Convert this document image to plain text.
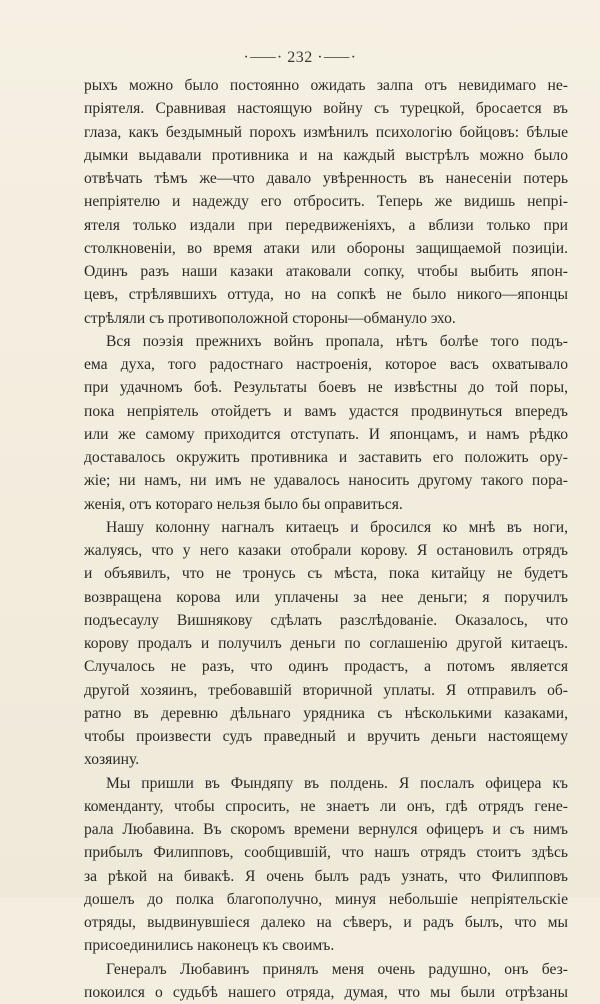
·⸺· 232 ·⸺·
рыхъ можно было постоянно ожидать залпа отъ невидимаго не-
пріятеля. Сравнивая настоящую войну съ турецкой, бросается въ
глаза, какъ бездымный порохъ измѣнилъ психологію бойцовъ: бѣлые
дымки выдавали противника и на каждый выстрѣлъ можно было
отвѣчать тѣмъ же—что давало увѣренность въ нанесеніи потерь
непріятелю и надежду его отбросить. Теперь же видишь непрі-
ятеля только издали при передвиженіяхъ, а вблизи только при
столкновеніи, во время атаки или обороны защищаемой позиціи.
Одинъ разъ наши казаки атаковали сопку, чтобы выбить япон-
цевъ, стрѣлявшихъ оттуда, но на сопкѣ не было никого—японцы
стрѣляли съ противоположной стороны—обмануло эхо.
Вся поэзія прежнихъ войнъ пропала, нѣтъ болѣе того подъ-
ема духа, того радостнаго настроенія, которое васъ охватывало
при удачномъ боѣ. Результаты боевъ не извѣстны до той поры,
пока непріятель отойдетъ и вамъ удастся продвинуться впередъ
или же самому приходится отступать. И японцамъ, и намъ рѣдко
доставалось окружить противника и заставить его положить ору-
жіе; ни намъ, ни имъ не удавалось наносить другому такого пора-
женія, отъ котораго нельзя было бы оправиться.
Нашу колонну нагналъ китаецъ и бросился ко мнѣ въ ноги,
жалуясь, что у него казаки отобрали корову. Я остановилъ отрядъ
и объявилъ, что не тронусь съ мѣста, пока китайцу не будетъ
возвращена корова или уплачены за нее деньги; я поручилъ
подъесаулу Вишнякову сдѣлать разслѣдованіе. Оказалось, что
корову продалъ и получилъ деньги по соглашенію другой китаецъ.
Случалось не разъ, что одинъ продастъ, а потомъ является
другой хозяинъ, требовавшій вторичной уплаты. Я отправилъ об-
ратно въ деревню дѣльнаго урядника съ нѣсколькими казаками,
чтобы произвести судъ праведный и вручить деньги настоящему
хозяину.
Мы пришли въ Фындяпу въ полдень. Я послалъ офицера къ
коменданту, чтобы спросить, не знаетъ ли онъ, гдѣ отрядъ гене-
рала Любавина. Въ скоромъ времени вернулся офицеръ и съ нимъ
прибылъ Филипповъ, сообщившій, что нашъ отрядъ стоитъ здѣсь
за рѣкой на бивакѣ. Я очень былъ радъ узнать, что Филипповъ
дошелъ до полка благополучно, минуя небольшіе непріятельскіе
отряды, выдвинувшіеся далеко на сѣверъ, и радъ былъ, что мы
присоединились наконецъ къ своимъ.
Генералъ Любавинъ принялъ меня очень радушно, онъ без-
покоился о судьбѣ нашего отряда, думая, что мы были отрѣзаны
